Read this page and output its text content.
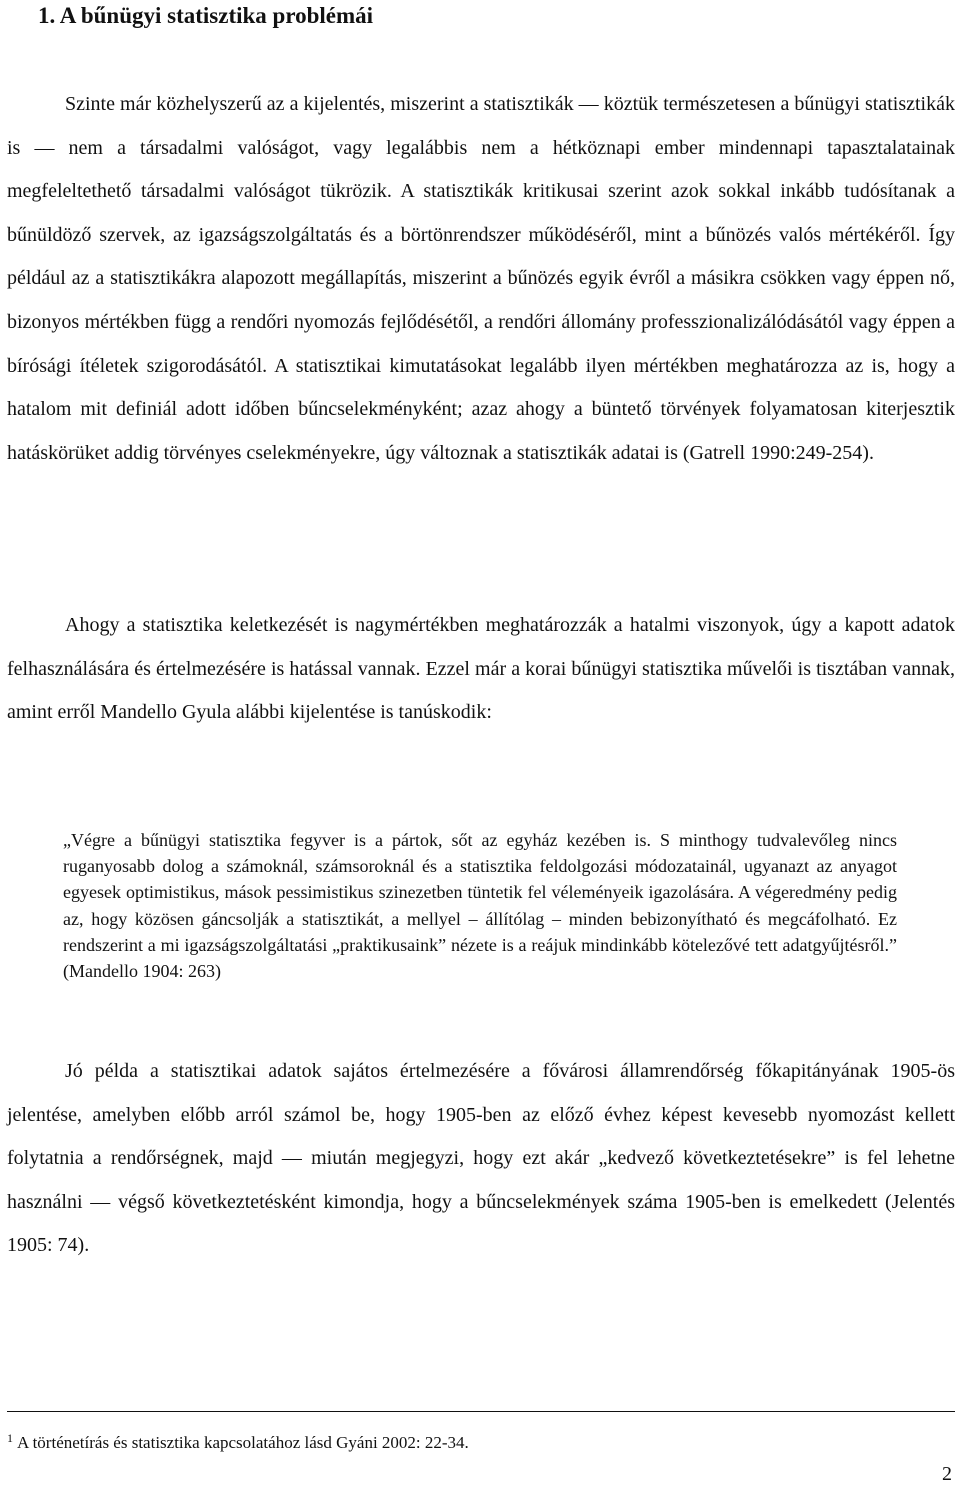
1. A bűnügyi statisztika problémái
Szinte már közhelyszerű az a kijelentés, miszerint a statisztikák — köztük természetesen a bűnügyi statisztikák is — nem a társadalmi valóságot, vagy legalábbis nem a hétköznapi ember mindennapi tapasztalatainak megfeleltethető társadalmi valóságot tükrözik. A statisztikák kritikusai szerint azok sokkal inkább tudósítanak a bűnüldöző szervek, az igazságszolgáltatás és a börtönrendszer működéséről, mint a bűnözés valós mértékéről. Így például az a statisztikákra alapozott megállapítás, miszerint a bűnözés egyik évről a másikra csökken vagy éppen nő, bizonyos mértékben függ a rendőri nyomozás fejlődésétől, a rendőri állomány professzionalizálódásától vagy éppen a bírósági ítéletek szigorodásától. A statisztikai kimutatásokat legalább ilyen mértékben meghatározza az is, hogy a hatalom mit definiál adott időben bűncselekményként; azaz ahogy a büntető törvények folyamatosan kiterjesztik hatáskörüket addig törvényes cselekményekre, úgy változnak a statisztikák adatai is (Gatrell 1990:249-254).
Ahogy a statisztika keletkezését is nagymértékben meghatározzák a hatalmi viszonyok, úgy a kapott adatok felhasználására és értelmezésére is hatással vannak. Ezzel már a korai bűnügyi statisztika művelői is tisztában vannak, amint erről Mandello Gyula alábbi kijelentése is tanúskodik:
„Végre a bűnügyi statisztika fegyver is a pártok, sőt az egyház kezében is. S minthogy tudvalevőleg nincs ruganyosabb dolog a számoknál, számsoroknál és a statisztika feldolgozási módozatainál, ugyanazt az anyagot egyesek optimistikus, mások pessimistikus szinezetben tüntetik fel véleményeik igazolására. A végeredmény pedig az, hogy közösen gáncsolják a statisztikát, a mellyel – állítólag – minden bebizonyítható és megcáfolható. Ez rendszerint a mi igazságszolgáltatási „praktikusaink” nézete is a reájuk mindinkább kötelezővé tett adatgyűjtésről.” (Mandello 1904: 263)
Jó példa a statisztikai adatok sajátos értelmezésére a fővárosi államrendőrség főkapitányának 1905-ös jelentése, amelyben előbb arról számol be, hogy 1905-ben az előző évhez képest kevesebb nyomozást kellett folytatnia a rendőrségnek, majd — miután megjegyzi, hogy ezt akár „kedvező következtetésekre” is fel lehetne használni — végső következtetésként kimondja, hogy a bűncselekmények száma 1905-ben is emelkedett (Jelentés 1905: 74).
$^1$ A történetírás és statisztika kapcsolatához lásd Gyáni 2002: 22-34.
2
